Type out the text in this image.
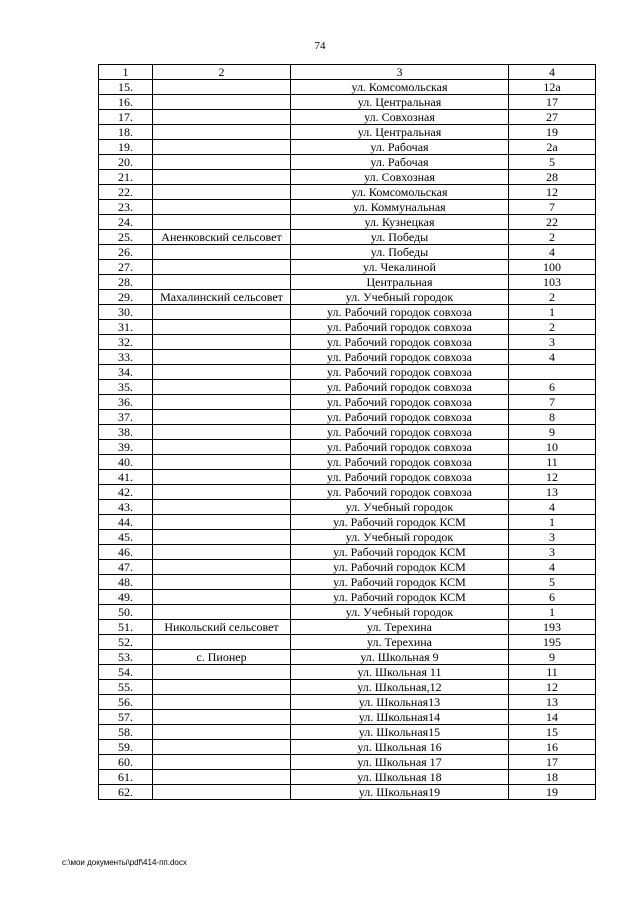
74
1	2	3	4
15.		ул. Комсомольская	12а
16.		ул. Центральная	17
17.		ул. Совхозная	27
18.		ул. Центральная	19
19.		ул. Рабочая	2а
20.		ул. Рабочая	5
21.		ул. Совхозная	28
22.		ул. Комсомольская	12
23.		ул. Коммунальная	7
24.		ул. Кузнецкая	22
25.	Аненковский сельсовет	ул. Победы	2
26.		ул. Победы	4
27.		ул. Чекалиной	100
28.		Центральная	103
29.	Махалинский сельсовет	ул. Учебный городок	2
30.		ул. Рабочий городок совхоза	1
31.		ул. Рабочий городок совхоза	2
32.		ул. Рабочий городок совхоза	3
33.		ул. Рабочий городок совхоза	4
34.		ул. Рабочий городок совхоза	
35.		ул. Рабочий городок совхоза	6
36.		ул. Рабочий городок совхоза	7
37.		ул. Рабочий городок совхоза	8
38.		ул. Рабочий городок совхоза	9
39.		ул. Рабочий городок совхоза	10
40.		ул. Рабочий городок совхоза	11
41.		ул. Рабочий городок совхоза	12
42.		ул. Рабочий городок совхоза	13
43.		ул. Учебный городок	4
44.		ул. Рабочий городок КСМ	1
45.		ул. Учебный городок	3
46.		ул. Рабочий городок КСМ	3
47.		ул. Рабочий городок КСМ	4
48.		ул. Рабочий городок КСМ	5
49.		ул. Рабочий городок КСМ	6
50.		ул. Учебный городок	1
51.	Никольский сельсовет	ул. Терехина	193
52.		ул. Терехина	195
53.	с. Пионер	ул. Школьная 9	9
54.		ул. Школьная 11	11
55.		ул. Школьная,12	12
56.		ул. Школьная13	13
57.		ул. Школьная14	14
58.		ул. Школьная15	15
59.		ул. Школьная 16	16
60.		ул. Школьная 17	17
61.		ул. Школьная 18	18
62.		ул. Школьная19	19
c:\мои документы\pdf\414-пп.docx
